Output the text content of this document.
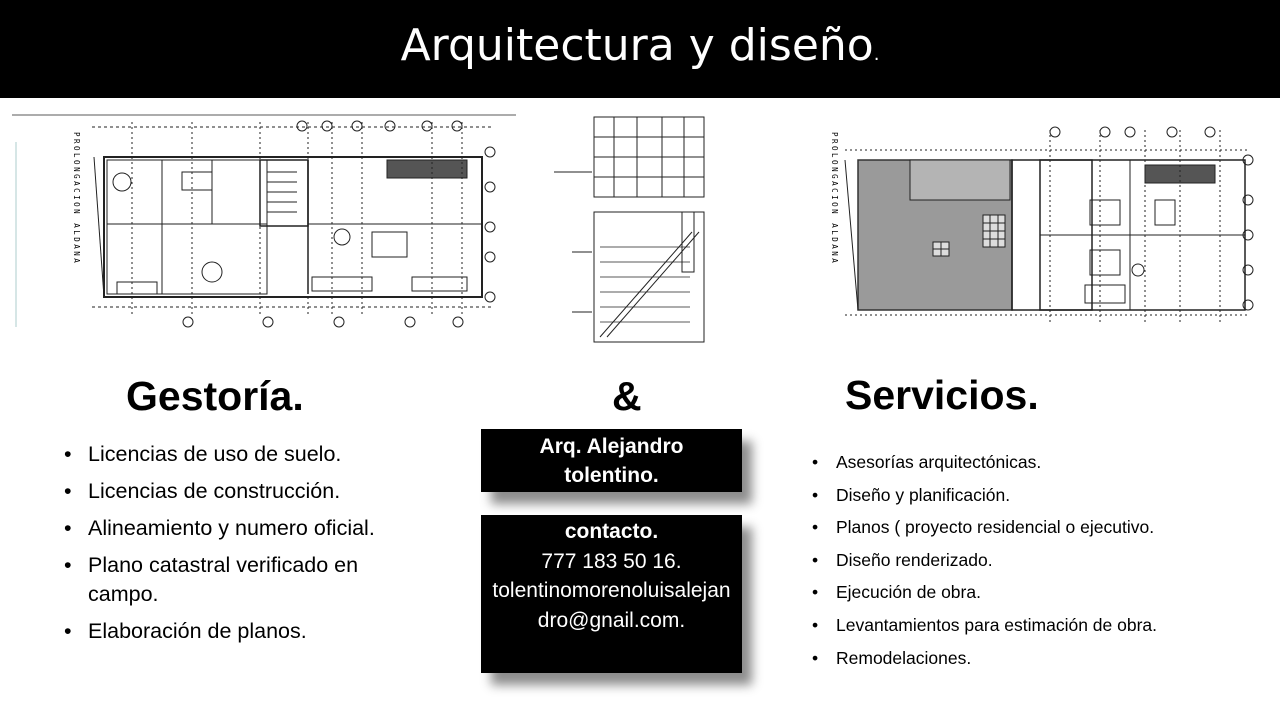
Arquitectura y diseño.
PROLONGACION ALDANA	PROLONGACION ALDANA
Gestoría.	&	Servicios.
• Licencias de uso de suelo.
• Licencias de construcción.
• Alineamiento y numero oficial.
• Plano catastral verificado en campo.
• Elaboración de planos.
Arq. Alejandro
tolentino.
contacto.
777 183 50 16.
tolentinomorenoluisalejandro@gnail.com.
• Asesorías arquitectónicas.
• Diseño y planificación.
• Planos ( proyecto residencial o ejecutivo.
• Diseño renderizado.
• Ejecución de obra.
• Levantamientos para estimación de obra.
• Remodelaciones.
